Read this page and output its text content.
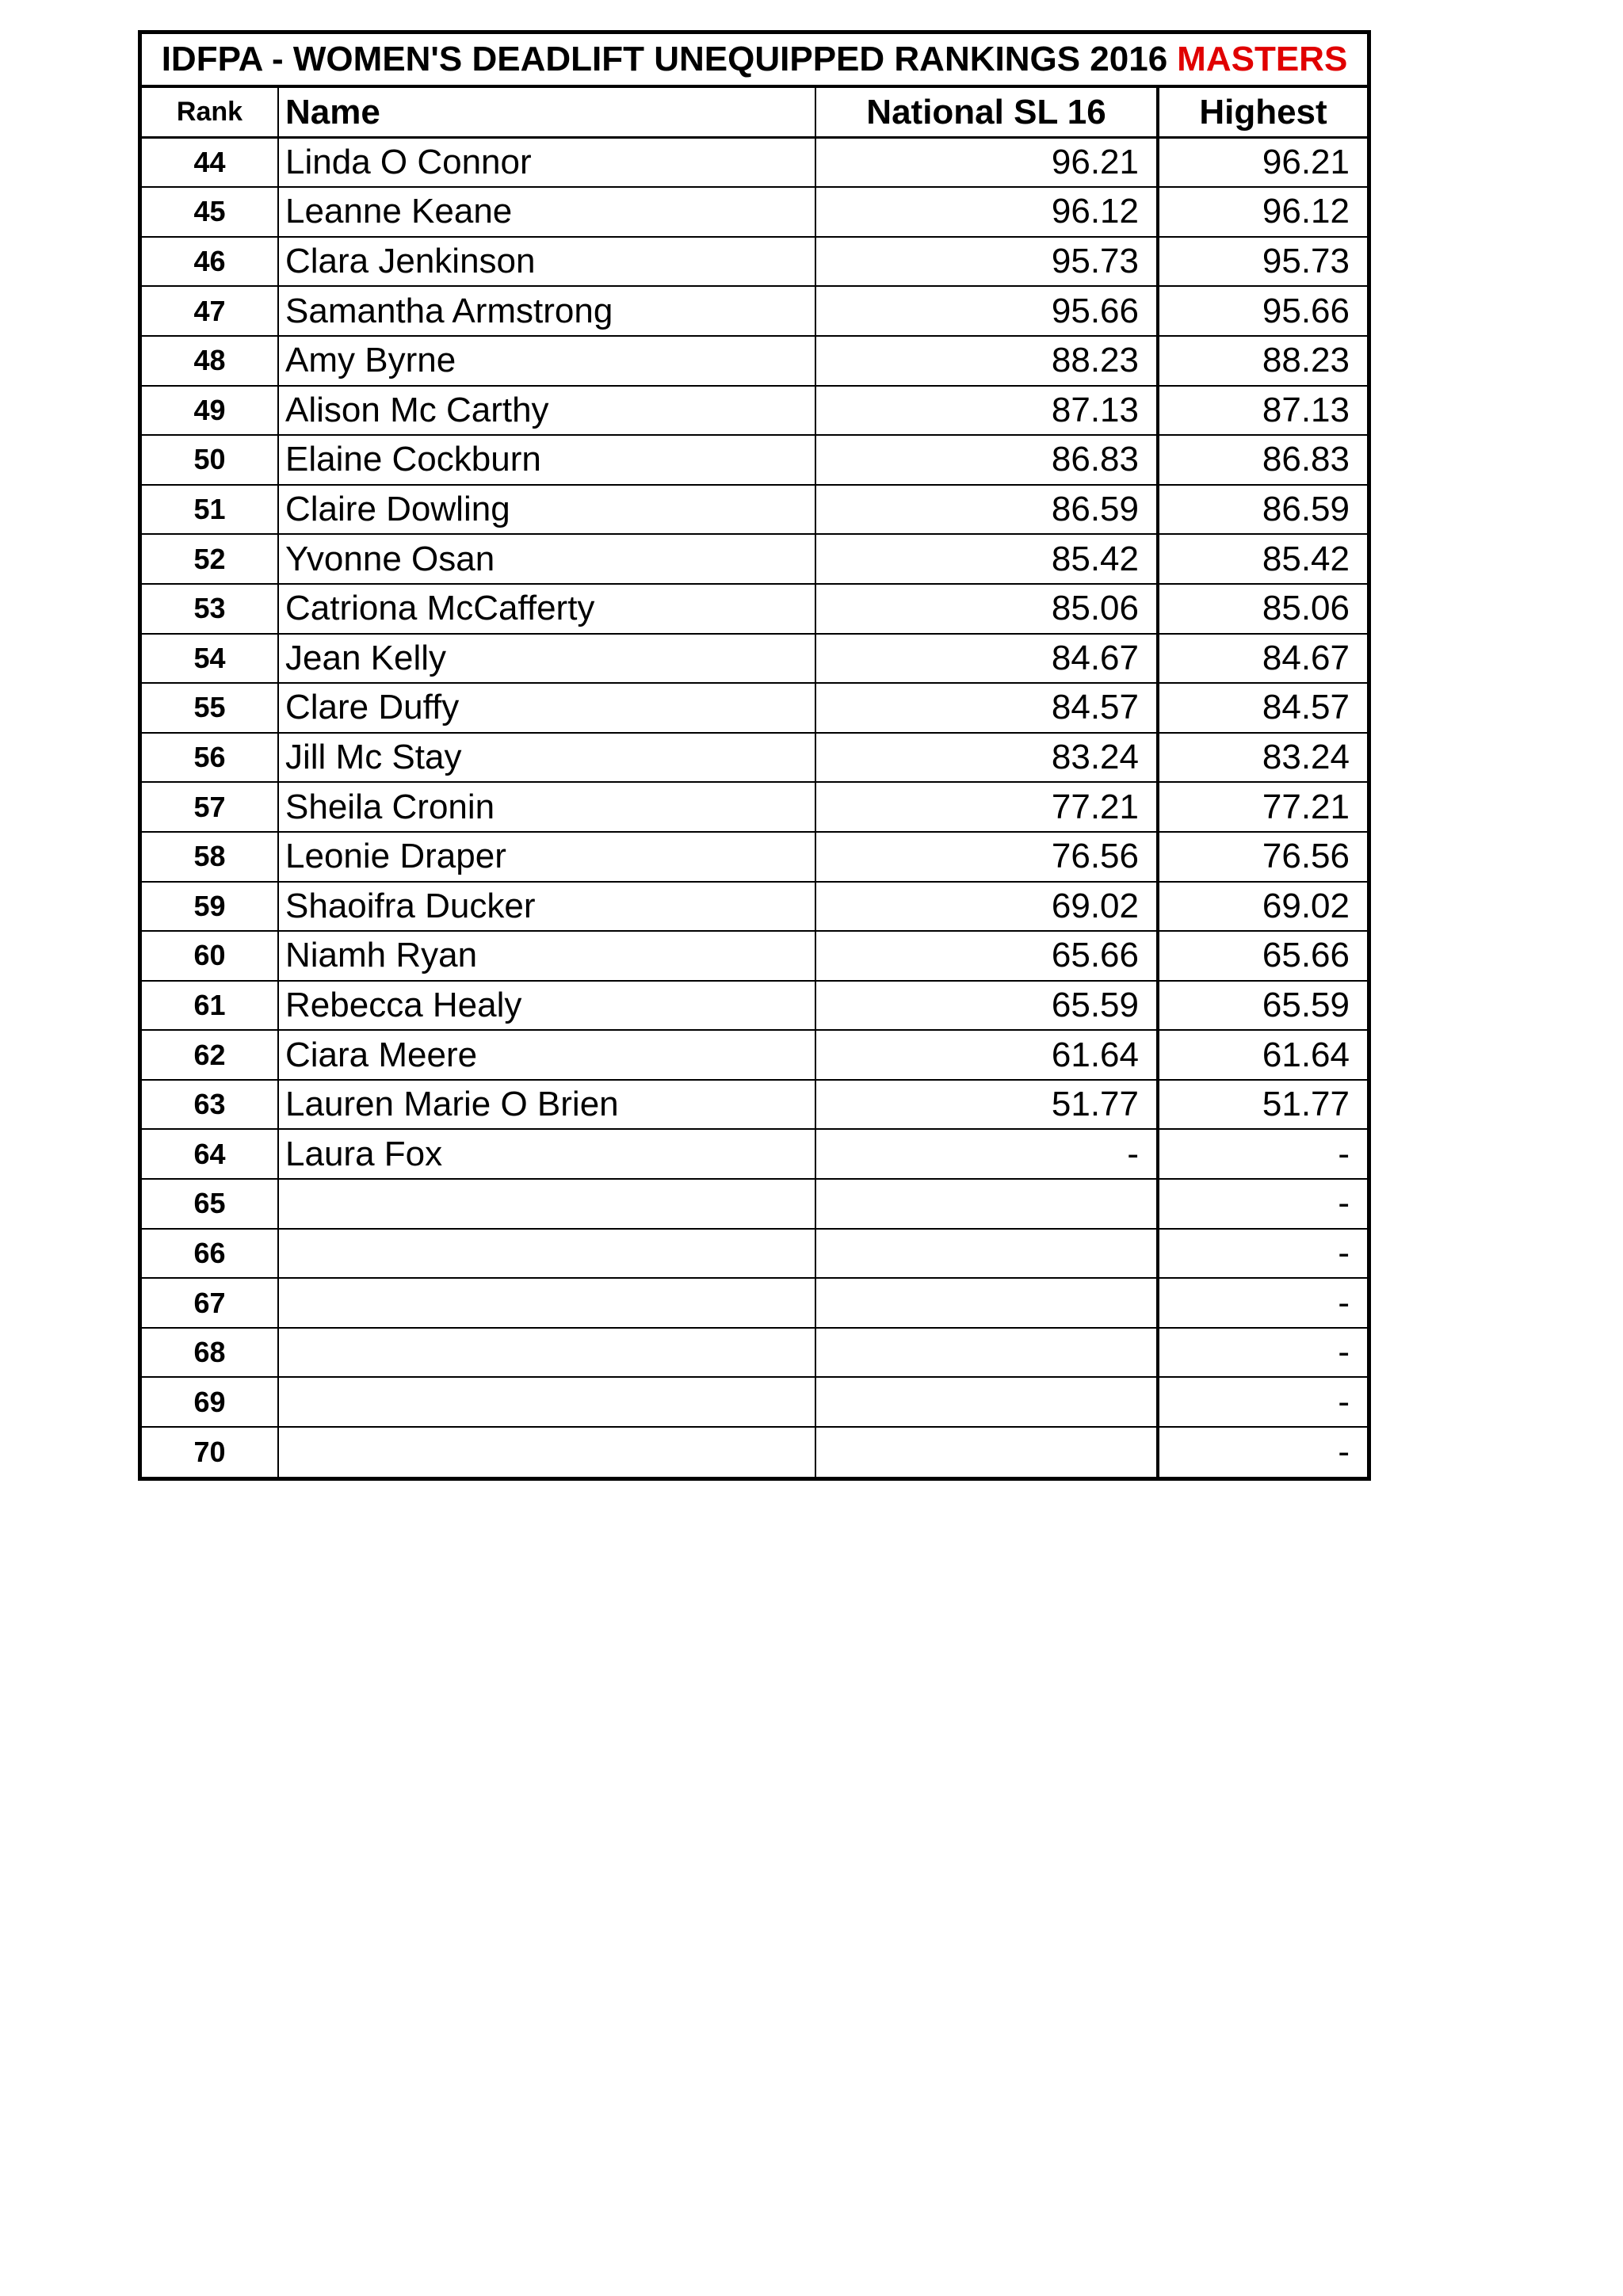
IDFPA - WOMEN'S DEADLIFT UNEQUIPPED RANKINGS 2016 MASTERS
Rank	Name	National SL 16	Highest
44	Linda O Connor	96.21	96.21
45	Leanne Keane	96.12	96.12
46	Clara Jenkinson	95.73	95.73
47	Samantha Armstrong	95.66	95.66
48	Amy Byrne	88.23	88.23
49	Alison Mc Carthy	87.13	87.13
50	Elaine Cockburn	86.83	86.83
51	Claire Dowling	86.59	86.59
52	Yvonne Osan	85.42	85.42
53	Catriona McCafferty	85.06	85.06
54	Jean Kelly	84.67	84.67
55	Clare Duffy	84.57	84.57
56	Jill Mc Stay	83.24	83.24
57	Sheila Cronin	77.21	77.21
58	Leonie Draper	76.56	76.56
59	Shaoifra Ducker	69.02	69.02
60	Niamh Ryan	65.66	65.66
61	Rebecca Healy	65.59	65.59
62	Ciara Meere	61.64	61.64
63	Lauren Marie O Brien	51.77	51.77
64	Laura Fox	-	-
65			-
66			-
67			-
68			-
69			-
70			-
